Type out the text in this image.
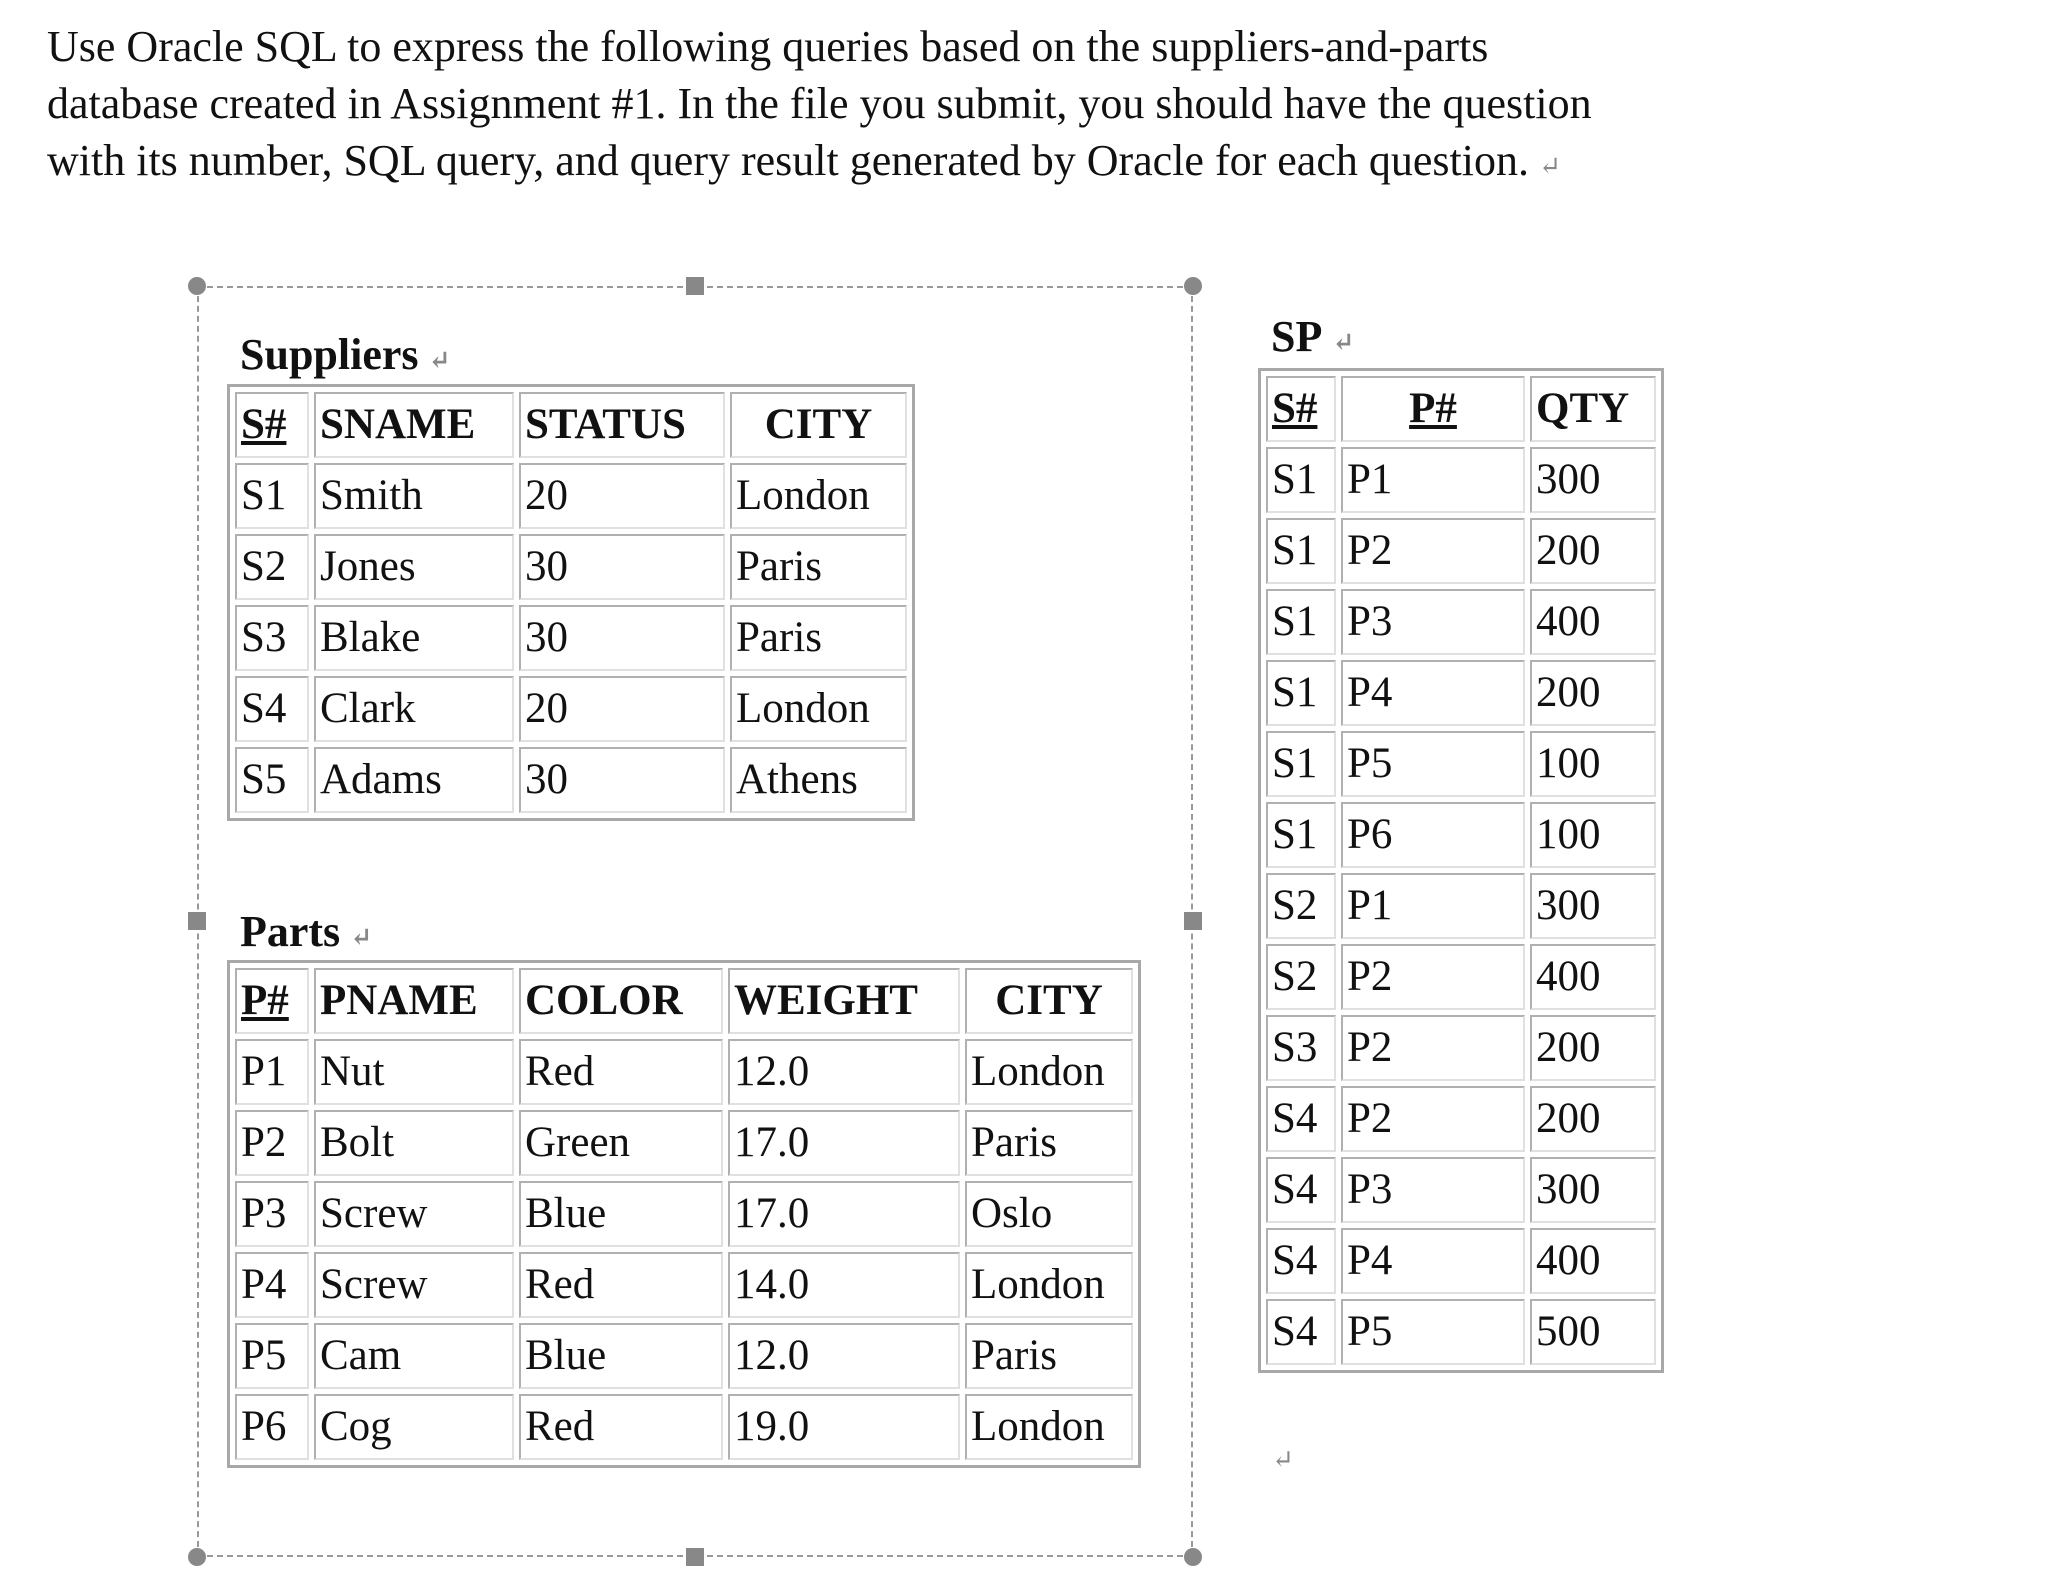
Use Oracle SQL to express the following queries based on the suppliers-and-parts

database created in Assignment #1. In the file you submit, you should have the question

with its number, SQL query, and query result generated by Oracle for each question. ↵

Suppliers ↵
S#	SNAME	STATUS	CITY
S1	Smith	20	London
S2	Jones	30	Paris
S3	Blake	30	Paris
S4	Clark	20	London
S5	Adams	30	Athens
Parts ↵
P#	PNAME	COLOR	WEIGHT	CITY
P1	Nut	Red	12.0	London
P2	Bolt	Green	17.0	Paris
P3	Screw	Blue	17.0	Oslo
P4	Screw	Red	14.0	London
P5	Cam	Blue	12.0	Paris
P6	Cog	Red	19.0	London
SP ↵
S#	P#	QTY
S1	P1	300
S1	P2	200
S1	P3	400
S1	P4	200
S1	P5	100
S1	P6	100
S2	P1	300
S2	P2	400
S3	P2	200
S4	P2	200
S4	P3	300
S4	P4	400
S4	P5	500
↵
